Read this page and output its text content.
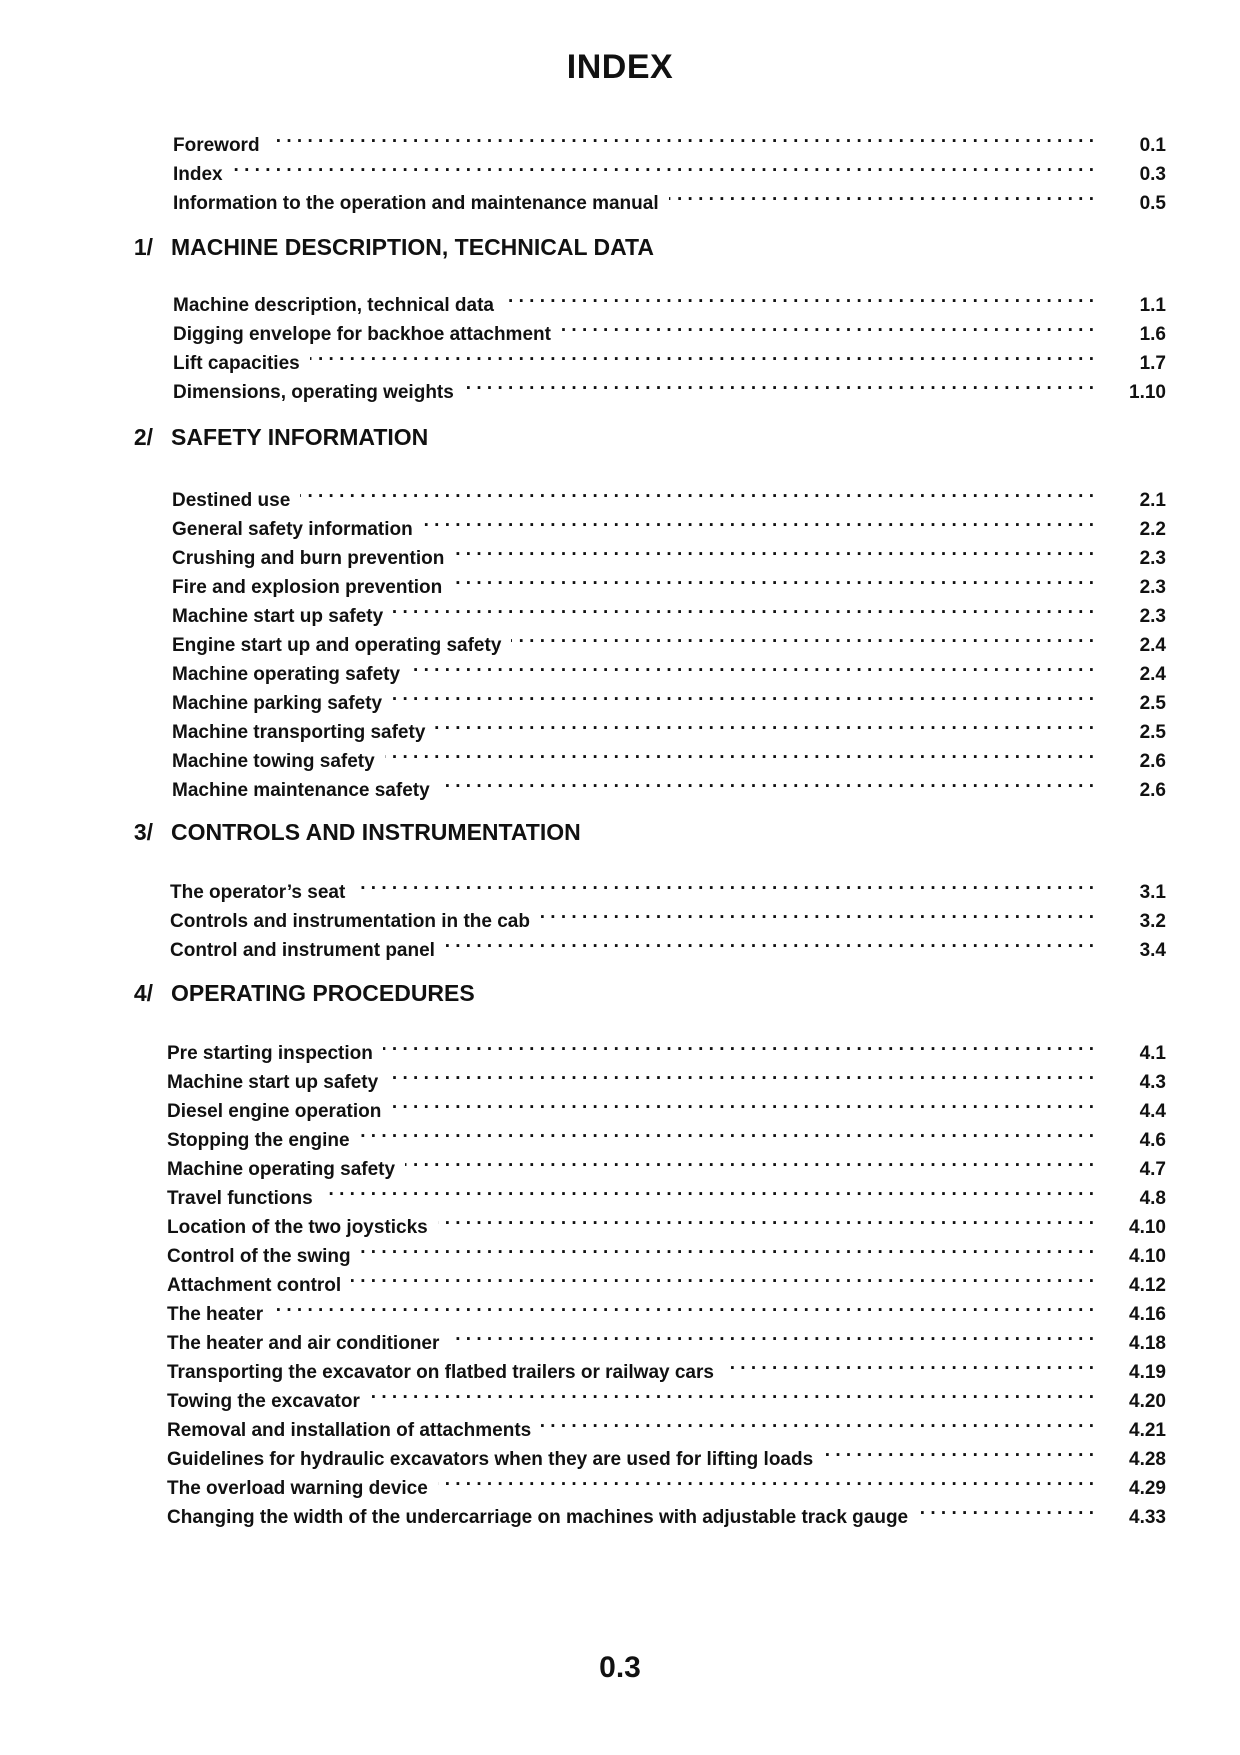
INDEX
Foreword . . .	0.1
Index . . .	0.3
Information to the operation and maintenance manual . . .	0.5
1/ MACHINE DESCRIPTION, TECHNICAL DATA
Machine description, technical data . . .	1.1
Digging envelope for backhoe attachment . . .	1.6
Lift capacities . . .	1.7
Dimensions, operating weights . . .	1.10
2/ SAFETY INFORMATION
Destined use . . .	2.1
General safety information . . .	2.2
Crushing and burn prevention . . .	2.3
Fire and explosion prevention . . .	2.3
Machine start up safety . . .	2.3
Engine start up and operating safety . . .	2.4
Machine operating safety . . .	2.4
Machine parking safety . . .	2.5
Machine transporting safety . . .	2.5
Machine towing safety . . .	2.6
Machine maintenance safety . . .	2.6
3/ CONTROLS AND INSTRUMENTATION
The operator’s seat . . .	3.1
Controls and instrumentation in the cab . . .	3.2
Control and instrument panel . . .	3.4
4/ OPERATING PROCEDURES
Pre starting inspection . . .	4.1
Machine start up safety . . .	4.3
Diesel engine operation . . .	4.4
Stopping the engine . . .	4.6
Machine operating safety . . .	4.7
Travel functions . . .	4.8
Location of the two joysticks . . .	4.10
Control of the swing . . .	4.10
Attachment control . . .	4.12
The heater . . .	4.16
The heater and air conditioner . . .	4.18
Transporting the excavator on flatbed trailers or railway cars . . .	4.19
Towing the excavator . . .	4.20
Removal and installation of attachments . . .	4.21
Guidelines for hydraulic excavators when they are used for lifting loads . . .	4.28
The overload warning device . . .	4.29
Changing the width of the undercarriage on machines with adjustable track gauge . . .	4.33
0.3
